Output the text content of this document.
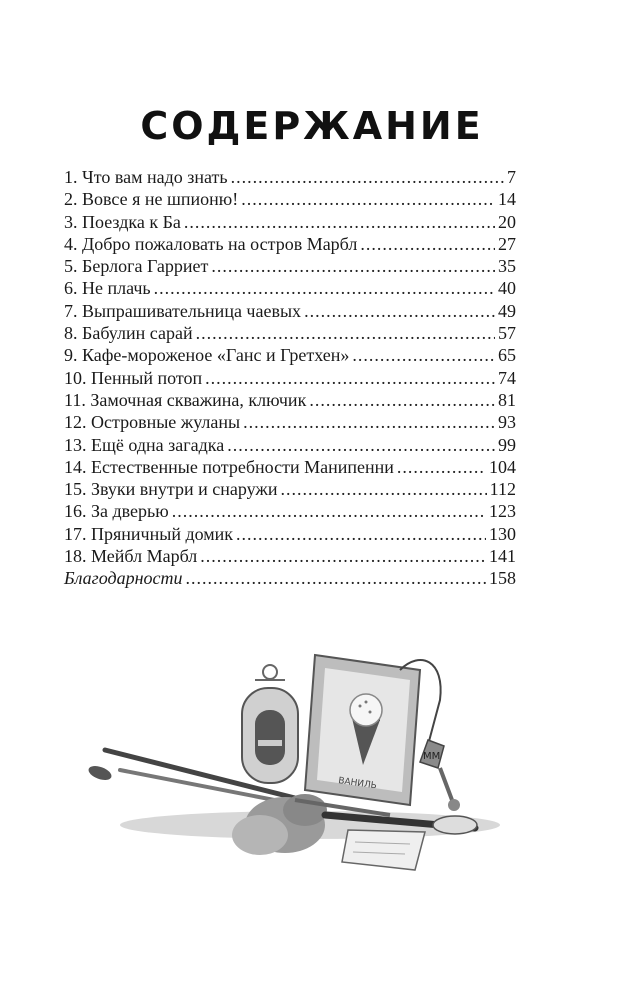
СОДЕРЖАНИЕ
1. Что вам надо знать .....	7
2. Вовсе я не шпионю! .....	14
3. Поездка к Ба .....	20
4. Добро пожаловать на остров Марбл .....	27
5. Берлога Гарриет .....	35
6. Не плачь .....	40
7. Выпрашивательница чаевых .....	49
8. Бабулин сарай .....	57
9. Кафе-мороженое «Ганс и Гретхен» .....	65
10. Пенный потоп .....	74
11. Замочная скважина, ключик .....	81
12. Островные жуланы .....	93
13. Ещё одна загадка .....	99
14. Естественные потребности Манипенни .....	104
15. Звуки внутри и снаружи .....	112
16. За дверью .....	123
17. Пряничный домик .....	130
18. Мейбл Марбл .....	141
Благодарности .....	158
ВАНИЛЬ
ММ
